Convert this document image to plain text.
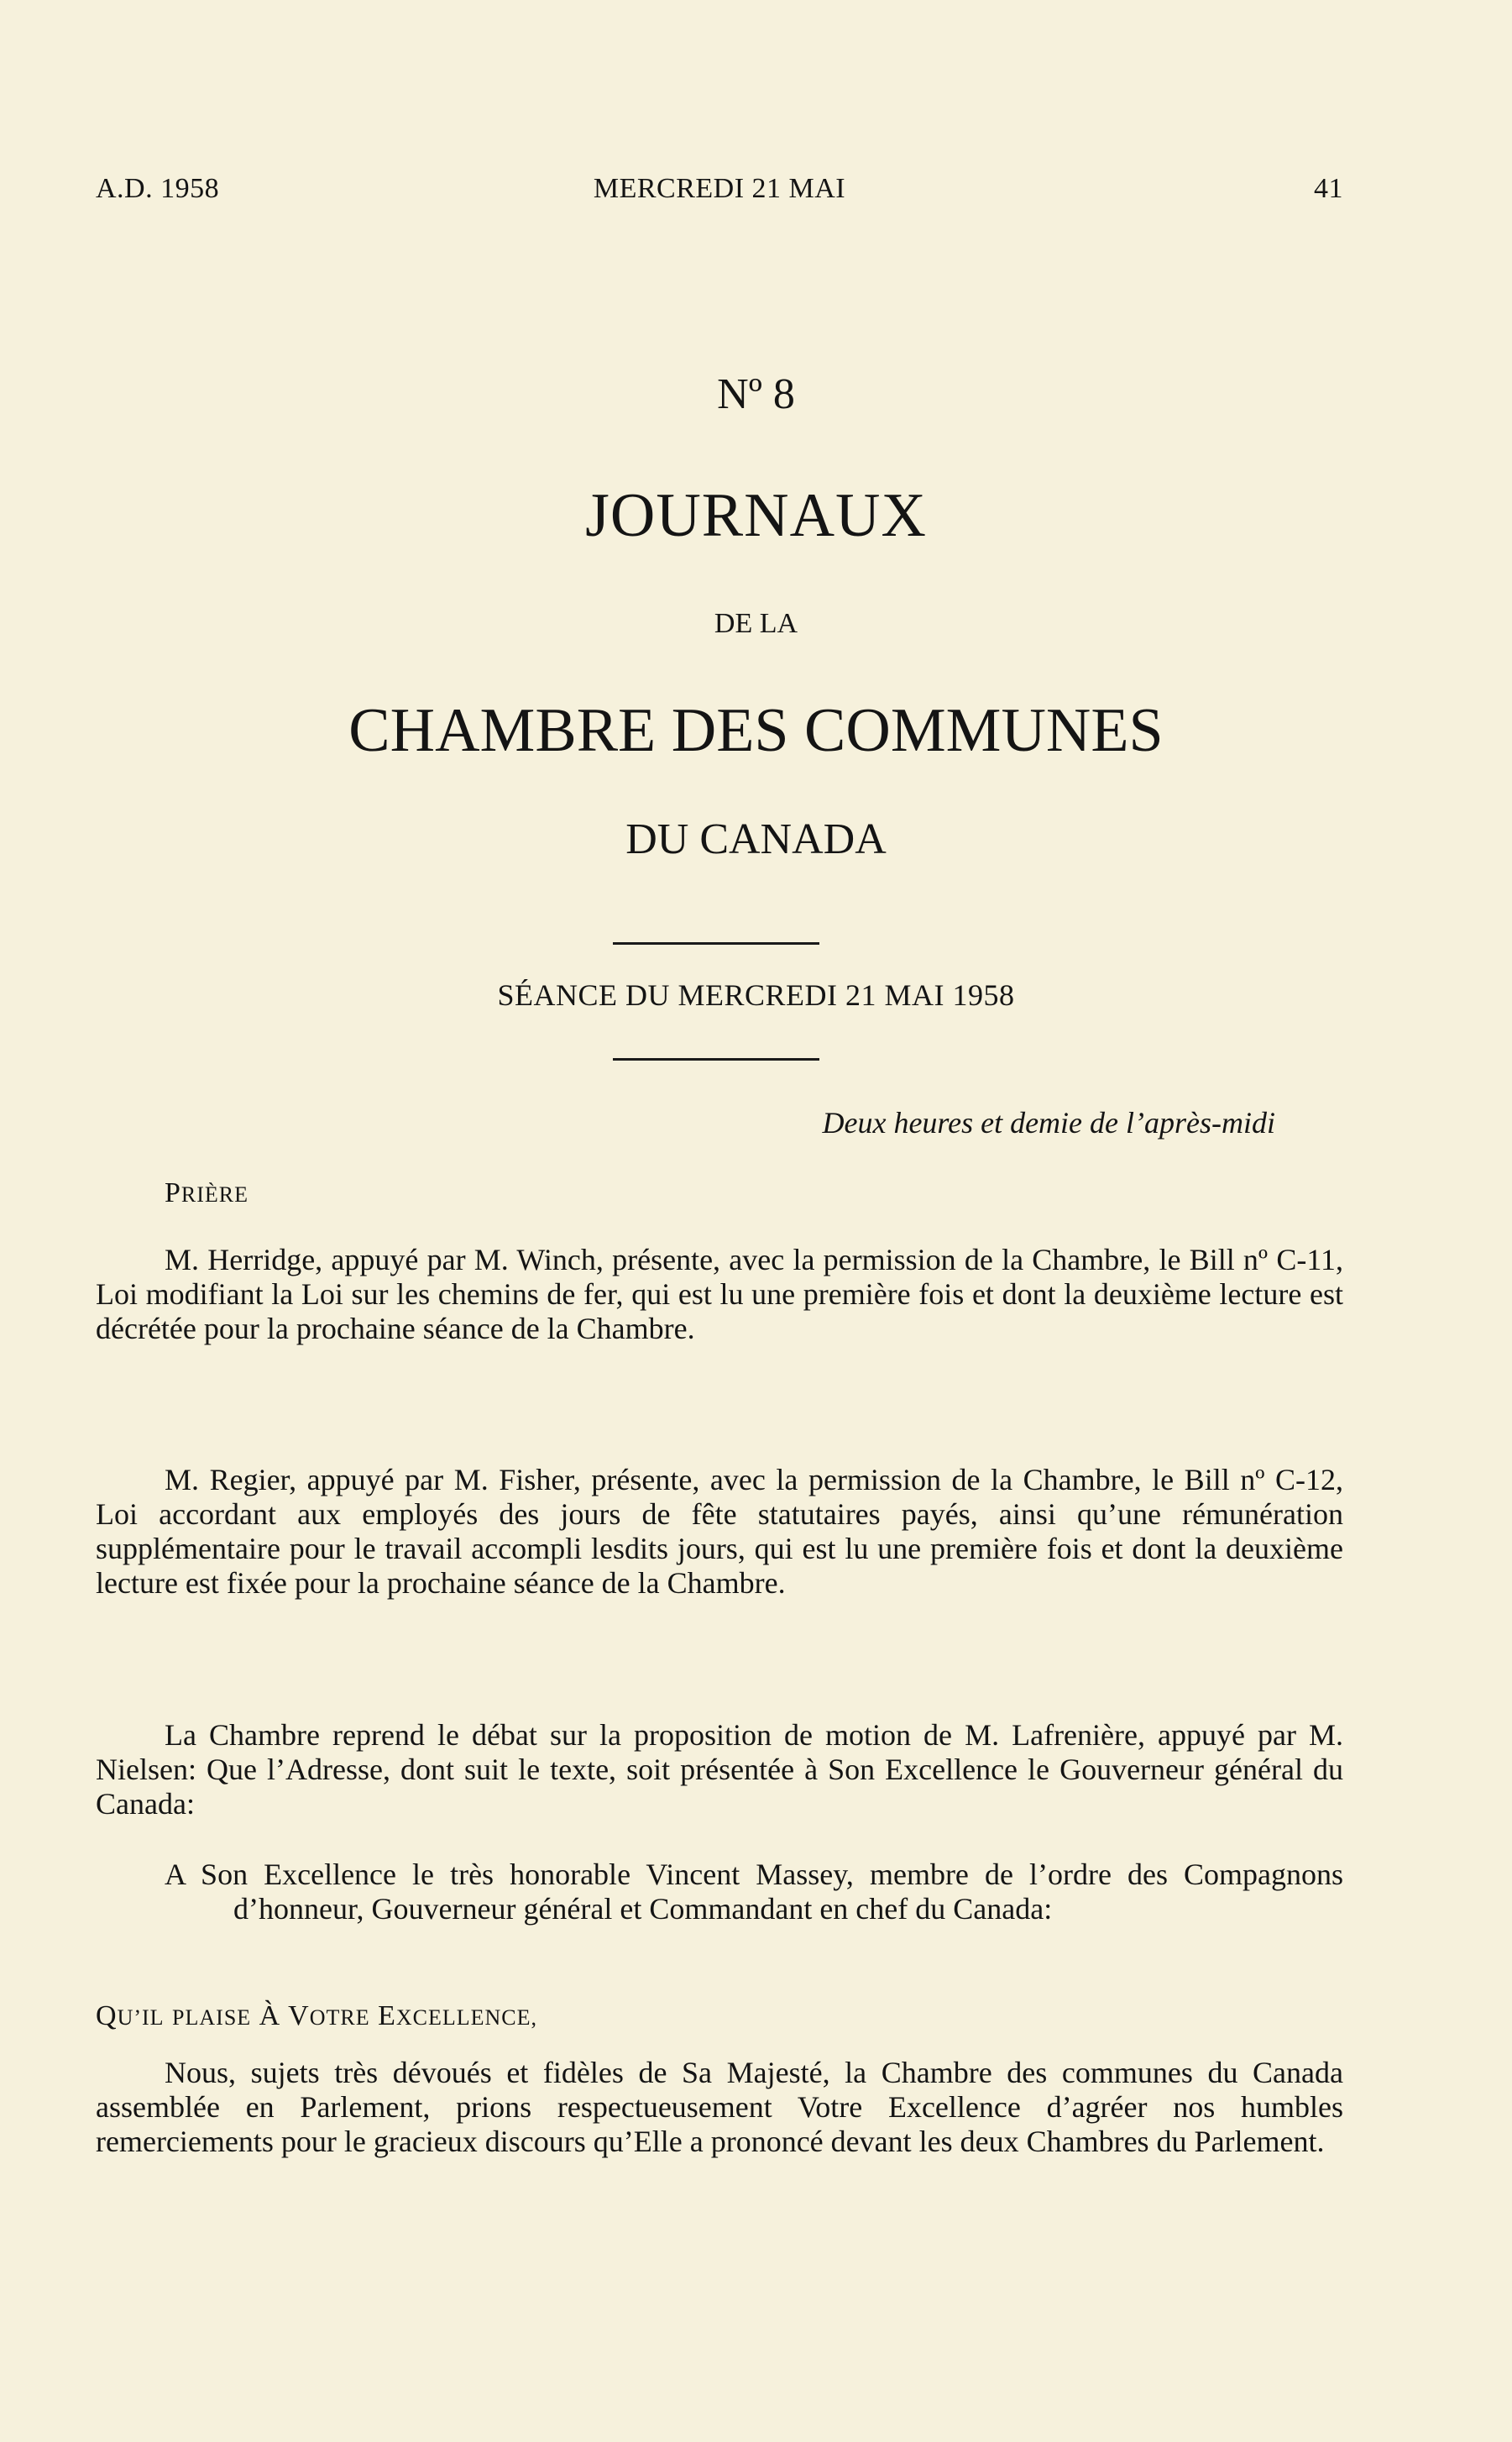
A.D. 1958	MERCREDI 21 MAI	41
Nº 8
JOURNAUX
DE LA
CHAMBRE DES COMMUNES
DU CANADA
SÉANCE DU MERCREDI 21 MAI 1958
Deux heures et demie de l’après-midi
PRIÈRE

M. Herridge, appuyé par M. Winch, présente, avec la permission de la Chambre, le Bill nº C-11, Loi modifiant la Loi sur les chemins de fer, qui est lu une première fois et dont la deuxième lecture est décrétée pour la prochaine séance de la Chambre.

M. Regier, appuyé par M. Fisher, présente, avec la permission de la Chambre, le Bill nº C-12, Loi accordant aux employés des jours de fête statutaires payés, ainsi qu’une rémunération supplémentaire pour le travail accompli lesdits jours, qui est lu une première fois et dont la deuxième lecture est fixée pour la prochaine séance de la Chambre.

La Chambre reprend le débat sur la proposition de motion de M. Lafrenière, appuyé par M. Nielsen: Que l’Adresse, dont suit le texte, soit présentée à Son Excellence le Gouverneur général du Canada:

A Son Excellence le très honorable Vincent Massey, membre de l’ordre des Compagnons d’honneur, Gouverneur général et Commandant en chef du Canada:

QU’IL PLAISE À VOTRE EXCELLENCE,

Nous, sujets très dévoués et fidèles de Sa Majesté, la Chambre des communes du Canada assemblée en Parlement, prions respectueusement Votre Excellence d’agréer nos humbles remerciements pour le gracieux discours qu’Elle a prononcé devant les deux Chambres du Parlement.
